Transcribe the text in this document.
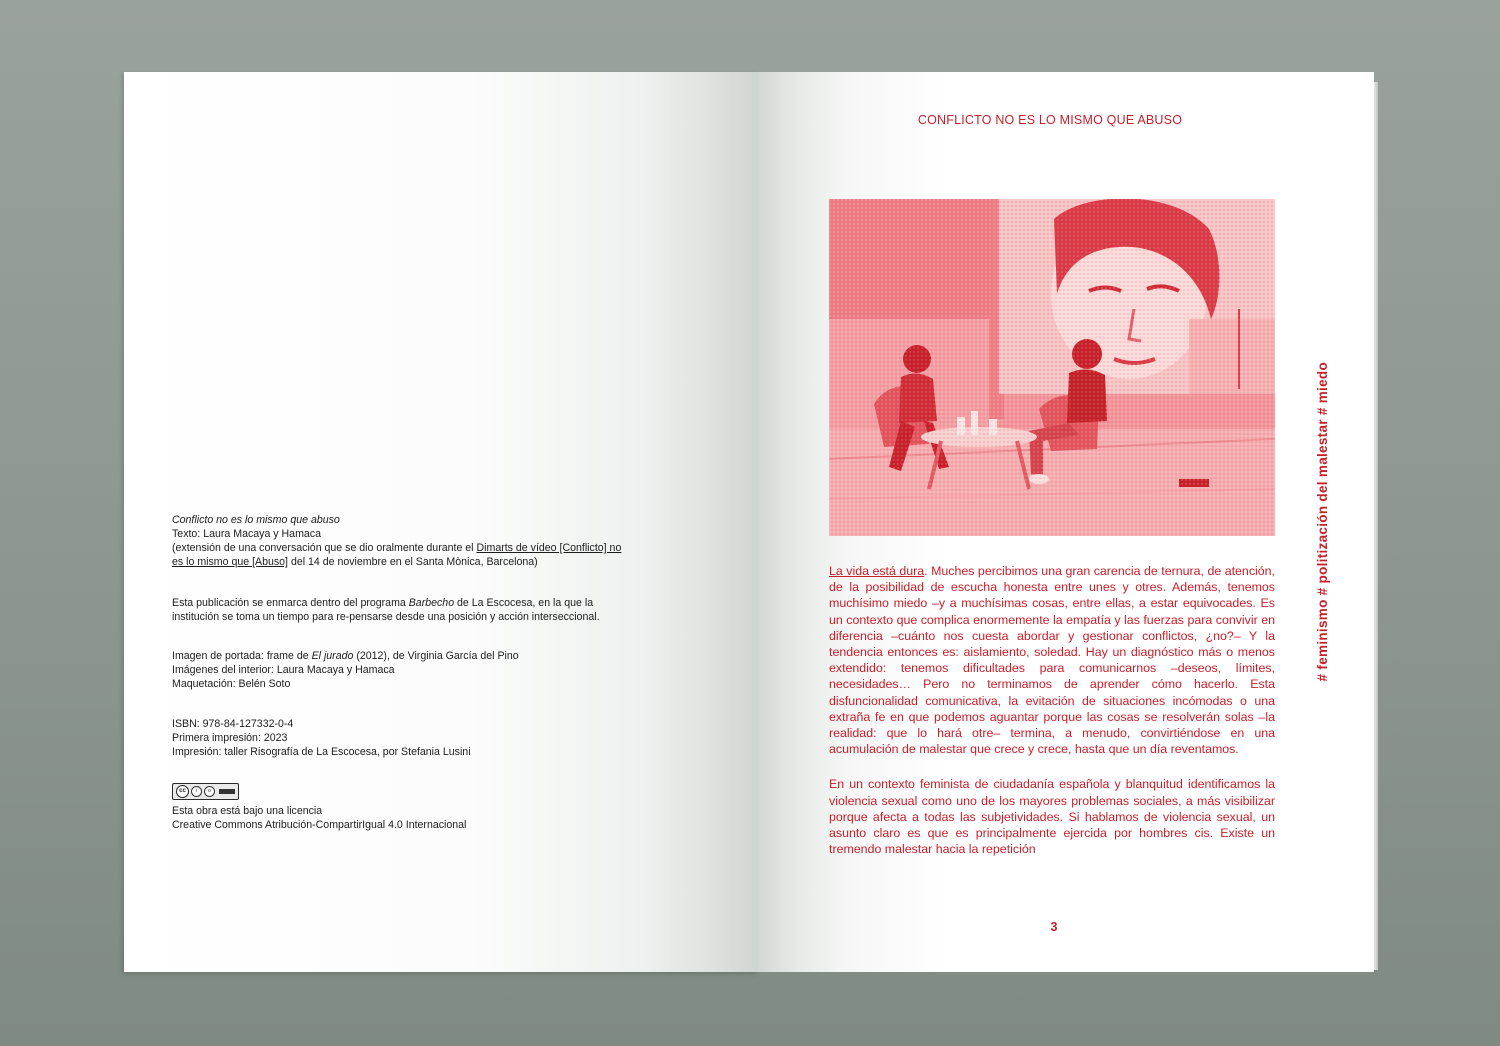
Conflicto no es lo mismo que abuso

Texto: Laura Macaya y Hamaca

(extensión de una conversación que se dio oralmente durante el Dimarts de vídeo [Conflicto] no es lo mismo que [Abuso] del 14 de noviembre en el Santa Mònica, Barcelona)

Esta publicación se enmarca dentro del programa Barbecho de La Escocesa, en la que la institución se toma un tiempo para re-pensarse desde una posición y acción interseccional.

Imagen de portada: frame de El jurado (2012), de Virginia García del Pino

Imágenes del interior: Laura Macaya y Hamaca

Maquetación: Belén Soto

ISBN: 978-84-127332-0-4

Primera impresión: 2023

Impresión: taller Risografía de La Escocesa, por Stefania Lusini

cc	i	o

Esta obra está bajo una licencia

Creative Commons Atribución-CompartirIgual 4.0 Internacional

CONFLICTO NO ES LO MISMO QUE ABUSO
# feminismo # politización del malestar # miedo

La vida está dura. Muches percibimos una gran carencia de ternura, de atención, de la posibilidad de escucha honesta entre unes y otres. Además, tenemos muchísimo miedo –y a muchísimas cosas, entre ellas, a estar equivocades. Es un contexto que complica enormemente la empatía y las fuerzas para convivir en diferencia –cuánto nos cuesta abordar y gestionar conflictos, ¿no?– Y la tendencia entonces es: aislamiento, soledad. Hay un diagnóstico más o menos extendido: tenemos dificultades para comunicarnos –deseos, límites, necesidades… Pero no terminamos de aprender cómo hacerlo. Esta disfuncionalidad comunicativa, la evitación de situaciones incómodas o una extraña fe en que podemos aguantar porque las cosas se resolverán solas –la realidad: que lo hará otre– termina, a menudo, convirtiéndose en una acumulación de malestar que crece y crece, hasta que un día reventamos.

En un contexto feminista de ciudadanía española y blanquitud identificamos la violencia sexual como uno de los mayores problemas sociales, a más visibilizar porque afecta a todas las subjetividades. Si hablamos de violencia sexual, un asunto claro es que es principalmente ejercida por hombres cis. Existe un tremendo malestar hacia la repetición

3
